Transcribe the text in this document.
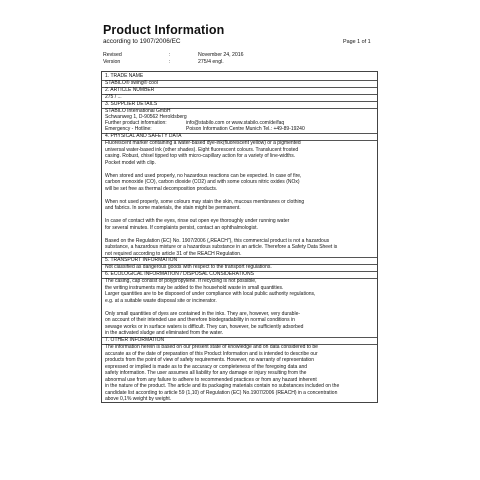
Product Information
according to 1907/2006/EC	Page 1 of 1
Revised	:	November 24, 2016
Version	:	275/4 engl.
1. TRADE NAME
STABILO® swing® cool
2. ARTICLE NUMBER
275 / ...
3. SUPPLIER DETAILS
STABILO International GmbH
Schwanweg 1, D-90562 Heroldsberg
Further product information:	info@stabilo.com or www.stabilo.com/de/faq
Emergency - Hotline:	Poison Information Centre Munich Tel.: +49-89-19240
4. PHYSICAL AND SAFETY DATA
Fluorescent marker containing a water-based dye-ink(fluorescent yellow) or a pigmented
universal water-based ink (other shades). Eight fluorescent colours. Translucent frosted
casing. Robust, chisel tipped top with micro-capillary action for a variety of line-widths.
Pocket model with clip.
When stored and used properly, no hazardous reactions can be expected. In case of fire,
carbon monoxide (CO), carbon dioxide (CO2) and with some colours nitric oxides (NOx)
will be set free as thermal decomposition products.
When not used properly, some colours may stain the skin, mucous membranes or clothing
and fabrics. In some materials, the stain might be permanent.
In case of contact with the eyes, rinse out open eye thoroughly under running water
for several minutes. If complaints persist, contact an ophthalmologist.
Based on the Regulation (EC) No. 1907/2006 („REACH"), this commercial product is not a hazardous
substance, a hazardous mixture or a hazardous substance in an article. Therefore a Safety Data Sheet is
not required according to article 31 of the REACH Regulation.
5. TRANSPORT INFORMATION
Not classified as dangerous goods with respect to the transport regulations.
6. ECOLOGICAL INFORMATION / DISPOSAL CONSIDERATIONS
The casing, cap consist of polypropylene. If recycling is not possible,
the writing instruments may be added to the household waste in small quantities.
Larger quantities are to be disposed of under compliance with local public authority regulations,
e.g. at a suitable waste disposal site or incinerator.
Only small quantities of dyes are contained in the inks. They are, however, very durable-
on account of their intended use and therefore biodegradability in normal conditions in
sewage works or in surface waters is difficult. They can, however, be sufficiently adsorbed
in the activated sludge and eliminated from the water.
7. OTHER INFORMATION
The information herein is based on our present state of knowledge and on data considered to be
accurate as of the date of preparation of this Product Information and is intended to describe our
products from the point of view of safety requirements. However, no warranty of representation
expressed or implied is made as to the accuracy or completeness of the foregoing data and
safety information. The user assumes all liability for any damage or injury resulting from the
abnormal use from any failure to adhere to recommended practices or from any hazard inherent
in the nature of the product. The article and its packaging materials contain no substances included on the
candidate list according to article 59 (1,10) of Regulation (EC) No.1907/2006 (REACH) in a concentration
above 0,1% weight by weight.
